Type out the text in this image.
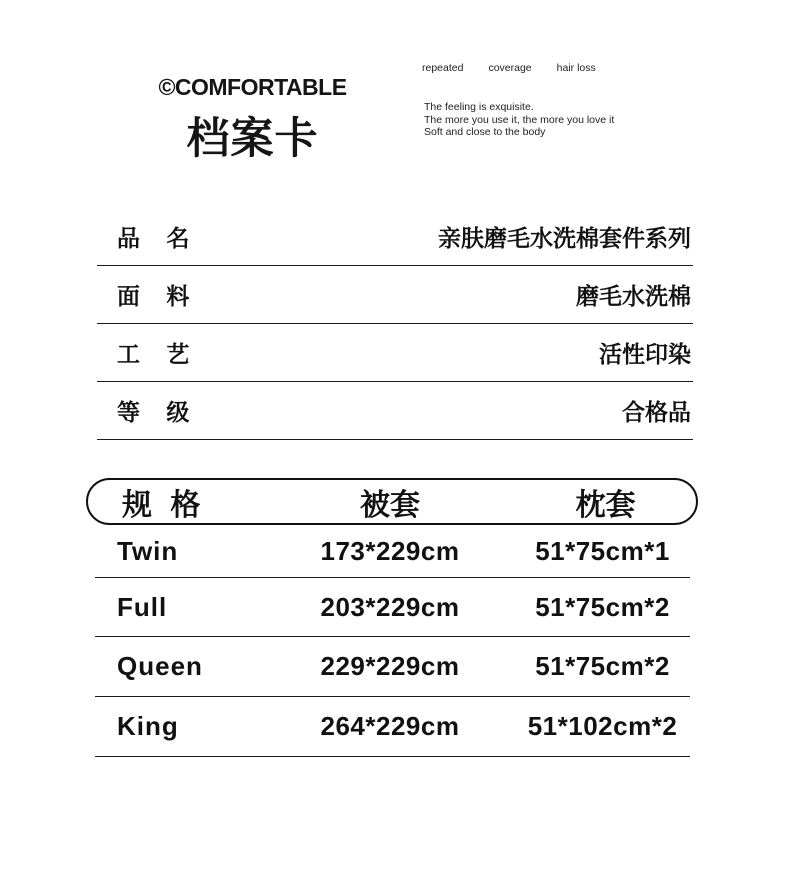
©COMFORTABLE
档案卡
repeated coverage hair loss
The feeling is exquisite.
The more you use it, the more you love it
Soft and close to the body
品 名	亲肤磨毛水洗棉套件系列
面 料	磨毛水洗棉
工 艺	活性印染
等 级	合格品
规 格	被套	枕套
Twin	173*229cm	51*75cm*1
Full	203*229cm	51*75cm*2
Queen	229*229cm	51*75cm*2
King	264*229cm	51*102cm*2
